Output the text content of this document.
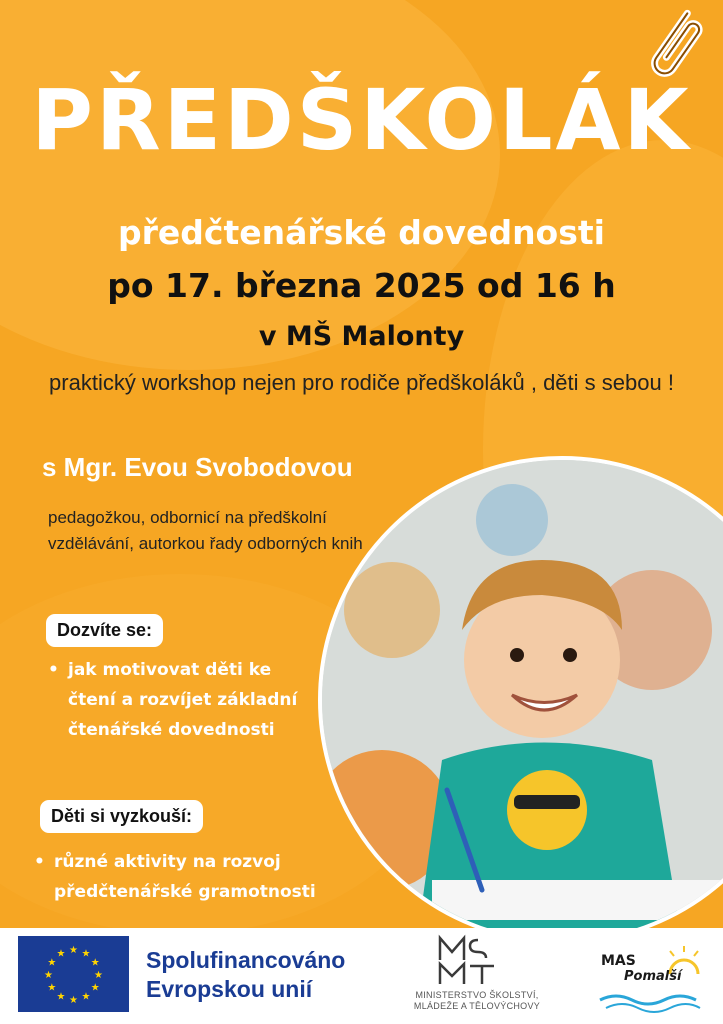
PŘEDŠKOLÁK
předčtenářské dovednosti
po 17. března 2025 od 16 h
v MŠ Malonty
praktický workshop nejen pro rodiče předškoláků , děti s sebou !
s Mgr. Evou Svobodovou
pedagožkou, odbornicí na předškolní vzdělávání, autorkou řady odborných knih
Dozvíte se:
• jak motivovat děti ke čtení a rozvíjet základní čtenářské dovednosti
Děti si vyzkouší:
• různé aktivity na rozvoj předčtenářské gramotnosti
★ ★
★
★
★
★
★
★
★
★
★
★	Spolufinancováno
Evropskou unií	MINISTERSTVO ŠKOLSTVÍ,
MLÁDEŽE A TĚLOVÝCHOVY
MAS
Pomalší
